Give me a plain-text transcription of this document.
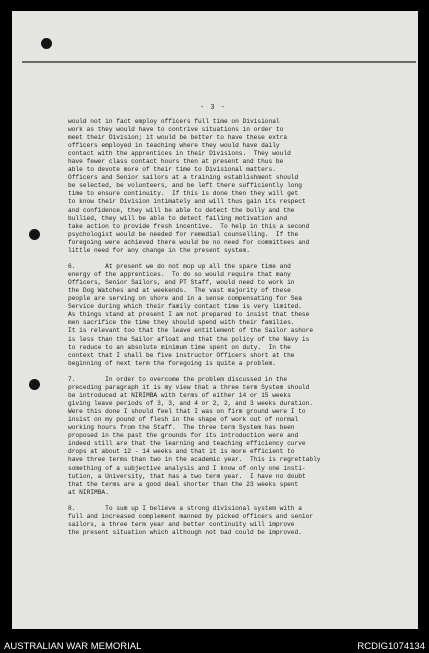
- 3 -
would not in fact employ officers full time on Divisional
work as they would have to contrive situations in order to
meet their Division; it would be better to have these extra
officers employed in teaching where they would have daily
contact with the apprentices in their Divisions.  They would
have fewer class contact hours then at present and thus be
able to devote more of their time to Divisional matters.
Officers and Senior sailors at a training establishment should
be selected, be volunteers, and be left there sufficiently long
time to ensure continuity.  If this is done then they will get
to know their Division intimately and will thus gain its respect
and confidence, they will be able to detect the bully and the
bullied, they will be able to detect failing motivation and
take action to provide fresh incentive.  To help in this a second
psychologist would be needed for remedial counselling.  If the
foregoing were achieved there would be no need for committees and
little need for any change in the present system.
6.        At present we do not mop up all the spare time and
energy of the apprentices.  To do so would require that many
Officers, Senior Sailors, and PT Staff, would need to work in
the Dog Watches and at weekends.  The vast majority of these
people are serving on shore and in a sense compensating for Sea
Service during which their family contact time is very limited.
As things stand at present I am not prepared to insist that these
men sacrifice the time they should spend with their families.
It is relevant too that the leave entitlement of the Sailor ashore
is less than the Sailor afloat and that the policy of the Navy is
to reduce to an absolute minimum time spent on duty.  In the
context that I shall be five instructor Officers short at the
beginning of next term the foregoing is quite a problem.
7.        In order to overcome the problem discussed in the
preceding paragraph it is my view that a three term System should
be introduced at NIRIMBA with terms of either 14 or 15 weeks
giving leave periods of 3, 3, and 4 or 2, 2, and 3 weeks duration.
Were this done I should feel that I was on firm ground were I to
insist on my pound of flesh in the shape of work out of normal
working hours from the Staff.  The three term System has been
proposed in the past the grounds for its introduction were and
indeed still are that the learning and teaching efficiency curve
drops at about 12 - 14 weeks and that it is more efficient to
have three terms than two in the academic year.  This is regrettably
something of a subjective analysis and I know of only one insti-
tution, a University, that has a two term year.  I have no doubt
that the terms are a good deal shorter than the 23 weeks spent
at NIRIMBA.
8.        To sum up I believe a strong divisional system with a
full and increased complement manned by picked officers and senior
sailors, a three term year and better continuity will improve
the present situation which although not bad could be improved.
AUSTRALIAN WAR MEMORIAL	RCDIG1074134
